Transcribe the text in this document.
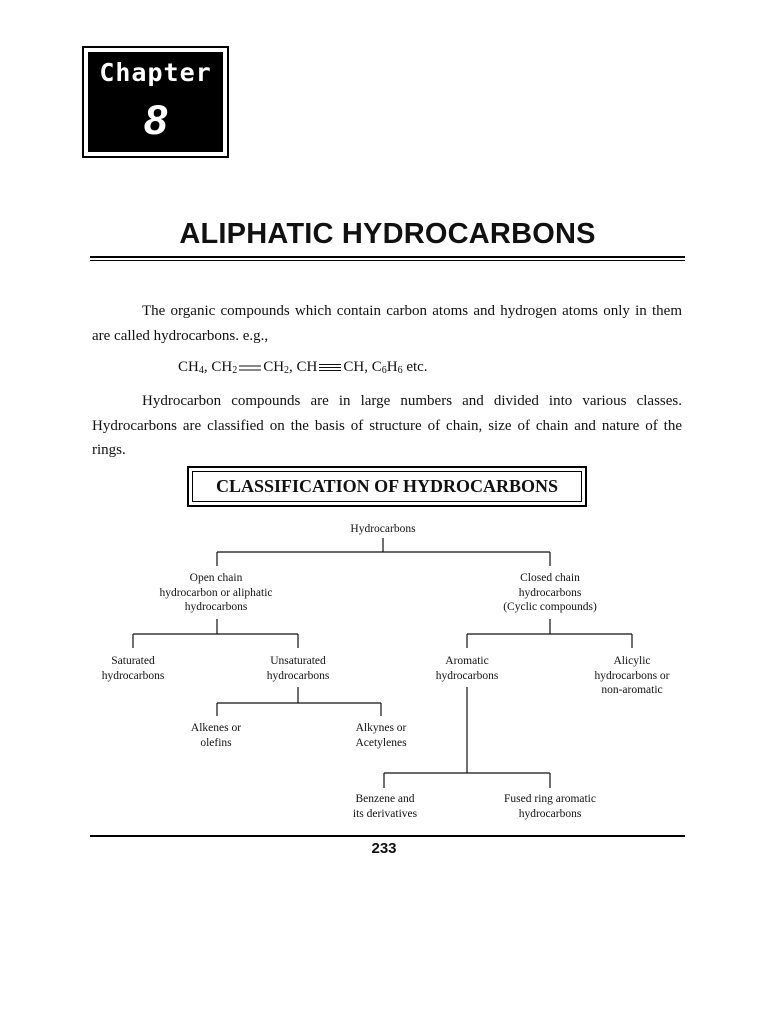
Chapter
8
ALIPHATIC HYDROCARBONS
The organic compounds which contain carbon atoms and hydrogen atoms only in them are called hydrocarbons. e.g.,
$CH_4$, $CH_2$ $CH_2$, CH CH, $C_6H_6$ etc.
Hydrocarbon compounds are in large numbers and divided into various classes. Hydrocarbons are classified on the basis of structure of chain, size of chain and nature of the rings.
CLASSIFICATION OF HYDROCARBONS
Hydrocarbons
Open chain
hydrocarbon or aliphatic
hydrocarbons
Closed chain
hydrocarbons
(Cyclic compounds)
Saturated
hydrocarbons
Unsaturated
hydrocarbons
Aromatic
hydrocarbons
Alicylic
hydrocarbons or
non-aromatic
Alkenes or
olefins
Alkynes or
Acetylenes
Benzene and
its derivatives
Fused ring aromatic
hydrocarbons
233
